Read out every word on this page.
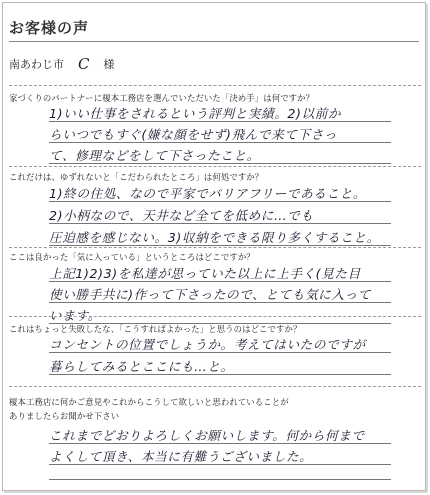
お客様の声
南あわじ市 C 様
家づくりのパートナーに榎本工務店を選んでいただいた「決め手」は何ですか？
1)いい仕事をされるという評判と実績。2)以前か
らいつでもすぐ(嫌な顔をせず)飛んで来て下さっ
て、修理などをして下さったこと。
これだけは、ゆずれないと「こだわられたところ」は何処ですか？
1)終の住処、なので平家でバリアフリーであること。
2)小柄なので、天井など全てを低めに…でも
圧迫感を感じない。3)収納をできる限り多くすること。
ここは良かった「気に入っている」というところはどこですか？
上記1)2)3)を私達が思っていた以上に上手く(見た目
使い勝手共に)作って下さったので、とても気に入って
います。
これはちょっと失敗したな、「こうすればよかった」と思うのはどこですか？
コンセントの位置でしょうか。考えてはいたのですが
暮らしてみるとここにも…と。
榎本工務店に何かご意見やこれからこうして欲しいと思われていることが
ありましたらお聞かせ下さい
これまでどおりよろしくお願いします。何から何まで
よくして頂き、本当に有難うございました。
